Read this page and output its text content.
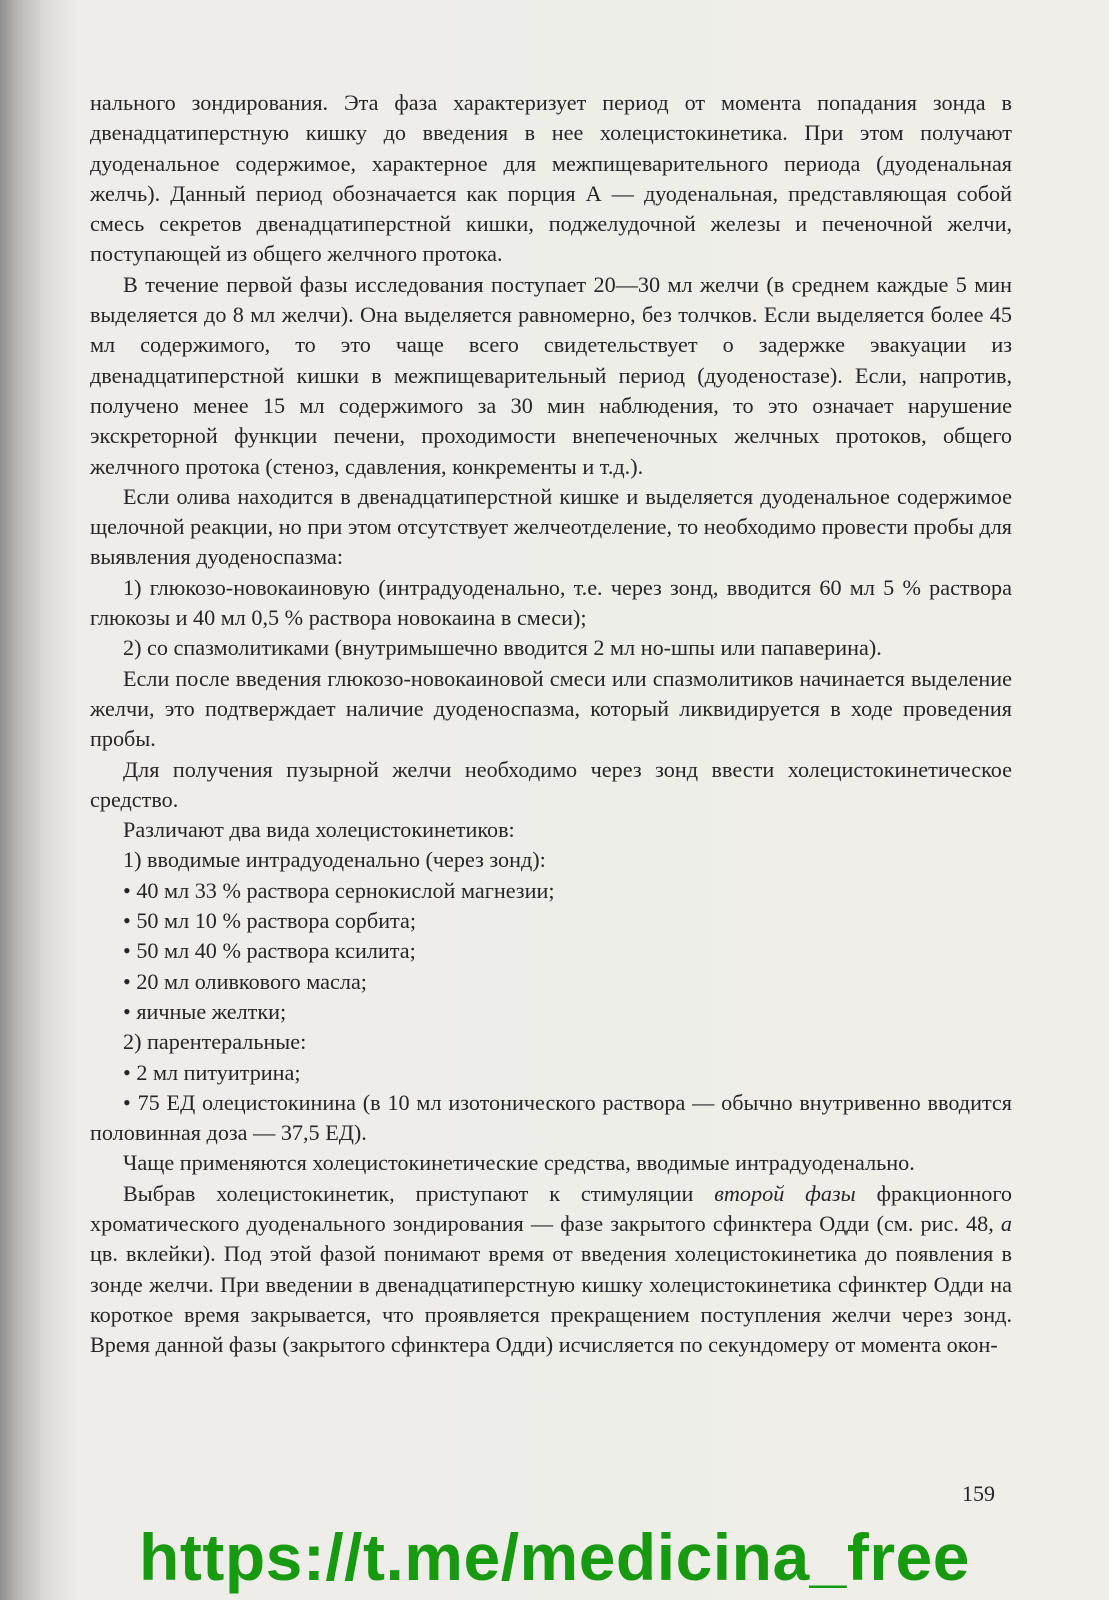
нального зондирования. Эта фаза характеризует период от момента попадания зонда в двенадцатиперстную кишку до введения в нее холецистокинетика. При этом получают дуоденальное содержимое, характерное для межпищеварительного периода (дуоденальная желчь). Данный период обозначается как порция А — дуоденальная, представляющая собой смесь секретов двенадцатиперстной кишки, поджелудочной железы и печеночной желчи, поступающей из общего желчного протока.

В течение первой фазы исследования поступает 20—30 мл желчи (в среднем каждые 5 мин выделяется до 8 мл желчи). Она выделяется равномерно, без толчков. Если выделяется более 45 мл содержимого, то это чаще всего свидетельствует о задержке эвакуации из двенадцатиперстной кишки в межпищеварительный период (дуоденостазе). Если, напротив, получено менее 15 мл содержимого за 30 мин наблюдения, то это означает нарушение экскреторной функции печени, проходимости внепеченочных желчных протоков, общего желчного протока (стеноз, сдавления, конкременты и т.д.).

Если олива находится в двенадцатиперстной кишке и выделяется дуоденальное содержимое щелочной реакции, но при этом отсутствует желчеотделение, то необходимо провести пробы для выявления дуоденоспазма:

1) глюкозо-новокаиновую (интрадуоденально, т.е. через зонд, вводится 60 мл 5 % раствора глюкозы и 40 мл 0,5 % раствора новокаина в смеси);

2) со спазмолитиками (внутримышечно вводится 2 мл но-шпы или папаверина).

Если после введения глюкозо-новокаиновой смеси или спазмолитиков начинается выделение желчи, это подтверждает наличие дуоденоспазма, который ликвидируется в ходе проведения пробы.

Для получения пузырной желчи необходимо через зонд ввести холецистокинетическое средство.

Различают два вида холецистокинетиков:

1) вводимые интрадуоденально (через зонд):

• 40 мл 33 % раствора сернокислой магнезии;

• 50 мл 10 % раствора сорбита;

• 50 мл 40 % раствора ксилита;

• 20 мл оливкового масла;

• яичные желтки;

2) парентеральные:

• 2 мл питуитрина;

• 75 ЕД олецистокинина (в 10 мл изотонического раствора — обычно внутривенно вводится половинная доза — 37,5 ЕД).

Чаще применяются холецистокинетические средства, вводимые интрадуоденально.

Выбрав холецистокинетик, приступают к стимуляции второй фазы фракционного хроматического дуоденального зондирования — фазе закрытого сфинктера Одди (см. рис. 48, а цв. вклейки). Под этой фазой понимают время от введения холецистокинетика до появления в зонде желчи. При введении в двенадцатиперстную кишку холецистокинетика сфинктер Одди на короткое время закрывается, что проявляется прекращением поступления желчи через зонд. Время данной фазы (закрытого сфинктера Одди) исчисляется по секундомеру от момента окон-

159
https://t.me/medicina_free
